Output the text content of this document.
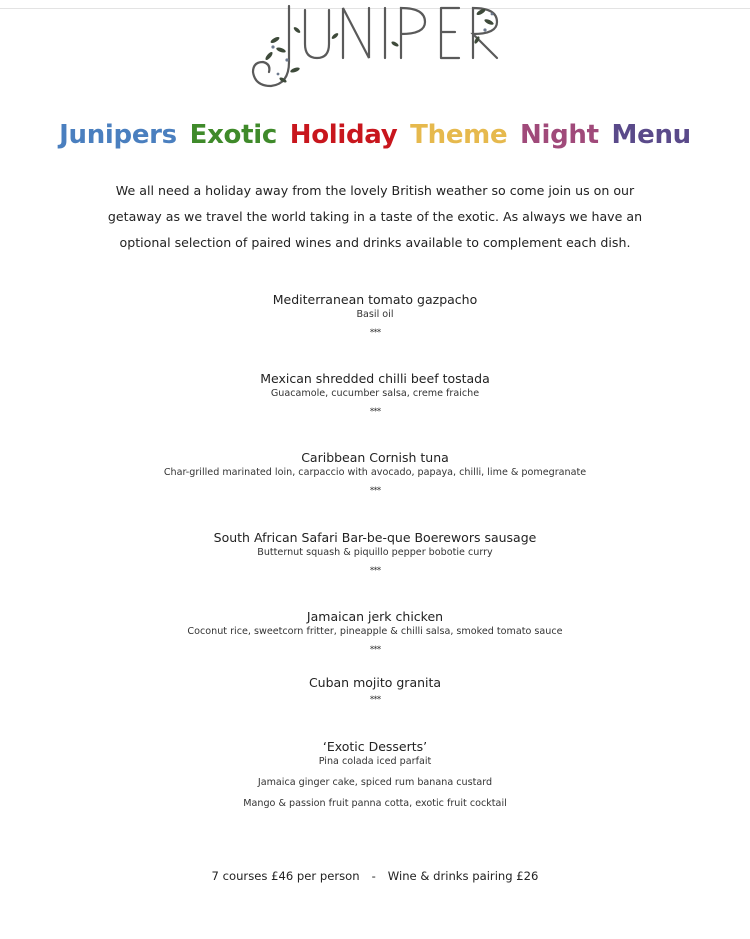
Junipers Exotic Holiday Theme Night Menu
We all need a holiday away from the lovely British weather so come join us on our getaway as we travel the world taking in a taste of the exotic. As always we have an optional selection of paired wines and drinks available to complement each dish.
Mediterranean tomato gazpacho
Basil oil
***
Mexican shredded chilli beef tostada
Guacamole, cucumber salsa, creme fraiche
***
Caribbean Cornish tuna
Char-grilled marinated loin, carpaccio with avocado, papaya, chilli, lime & pomegranate
***
South African Safari Bar-be-que Boerewors sausage
Butternut squash & piquillo pepper bobotie curry
***
Jamaican jerk chicken
Coconut rice, sweetcorn fritter, pineapple & chilli salsa, smoked tomato sauce
***
Cuban mojito granita
***
‘Exotic Desserts’
Pina colada iced parfait
Jamaica ginger cake, spiced rum banana custard
Mango & passion fruit panna cotta, exotic fruit cocktail
7 courses £46 per person - Wine & drinks pairing £26
